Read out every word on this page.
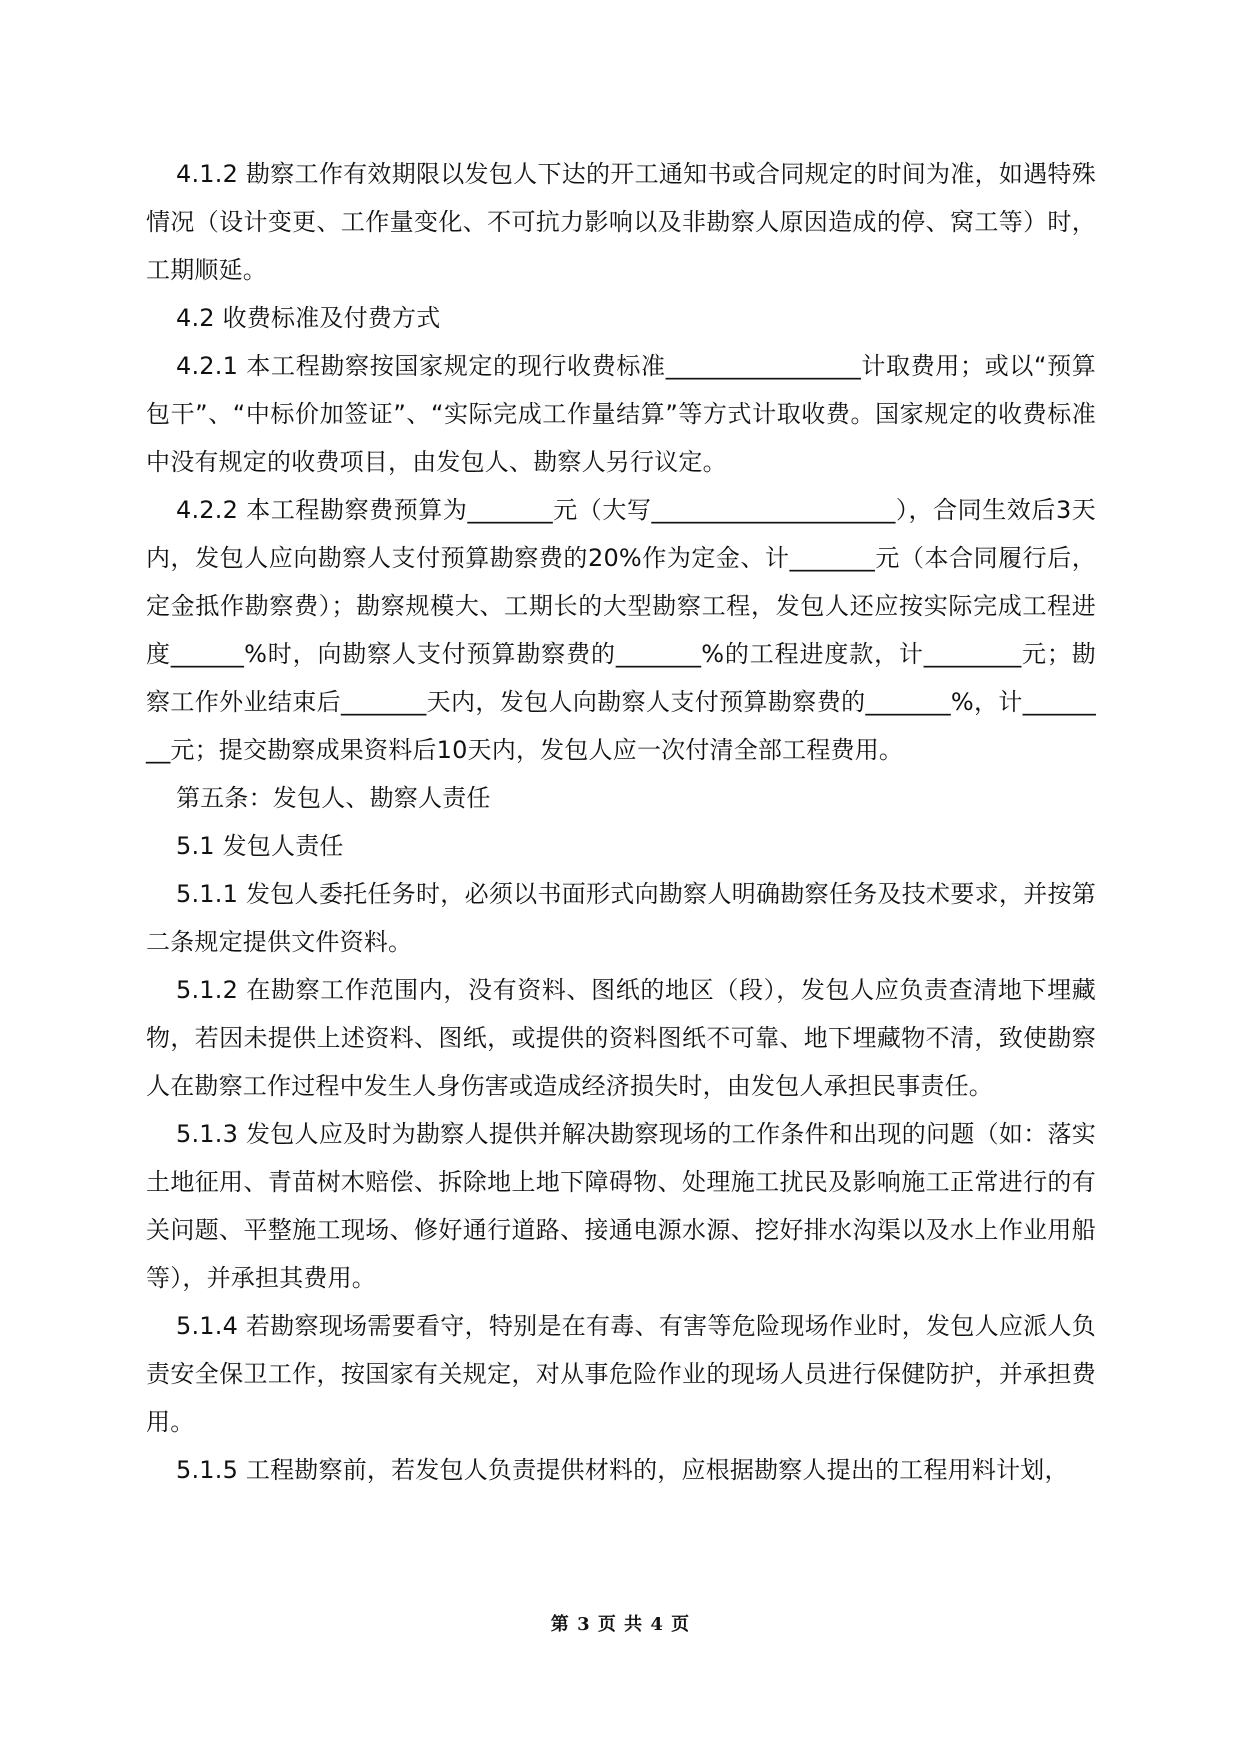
4.1.2 勘察工作有效期限以发包人下达的开工通知书或合同规定的时间为准，如遇特殊情况（设计变更、工作量变化、不可抗力影响以及非勘察人原因造成的停、窝工等）时，工期顺延。

4.2 收费标准及付费方式

4.2.1 本工程勘察按国家规定的现行收费标准________________计取费用；或以“预算包干”、“中标价加签证”、“实际完成工作量结算”等方式计取收费。国家规定的收费标准中没有规定的收费项目，由发包人、勘察人另行议定。

4.2.2 本工程勘察费预算为_______元（大写____________________），合同生效后3天内，发包人应向勘察人支付预算勘察费的20%作为定金、计_______元（本合同履行后，定金抵作勘察费）；勘察规模大、工期长的大型勘察工程，发包人还应按实际完成工程进度______%时，向勘察人支付预算勘察费的_______%的工程进度款，计________元；勘察工作外业结束后_______天内，发包人向勘察人支付预算勘察费的_______%，计________元；提交勘察成果资料后10天内，发包人应一次付清全部工程费用。

第五条：发包人、勘察人责任

5.1 发包人责任

5.1.1 发包人委托任务时，必须以书面形式向勘察人明确勘察任务及技术要求，并按第二条规定提供文件资料。

5.1.2 在勘察工作范围内，没有资料、图纸的地区（段），发包人应负责查清地下埋藏物，若因未提供上述资料、图纸，或提供的资料图纸不可靠、地下埋藏物不清，致使勘察人在勘察工作过程中发生人身伤害或造成经济损失时，由发包人承担民事责任。

5.1.3 发包人应及时为勘察人提供并解决勘察现场的工作条件和出现的问题（如：落实土地征用、青苗树木赔偿、拆除地上地下障碍物、处理施工扰民及影响施工正常进行的有关问题、平整施工现场、修好通行道路、接通电源水源、挖好排水沟渠以及水上作业用船等），并承担其费用。

5.1.4 若勘察现场需要看守，特别是在有毒、有害等危险现场作业时，发包人应派人负责安全保卫工作，按国家有关规定，对从事危险作业的现场人员进行保健防护，并承担费用。

5.1.5 工程勘察前，若发包人负责提供材料的，应根据勘察人提出的工程用料计划，

第 3 页 共 4 页
